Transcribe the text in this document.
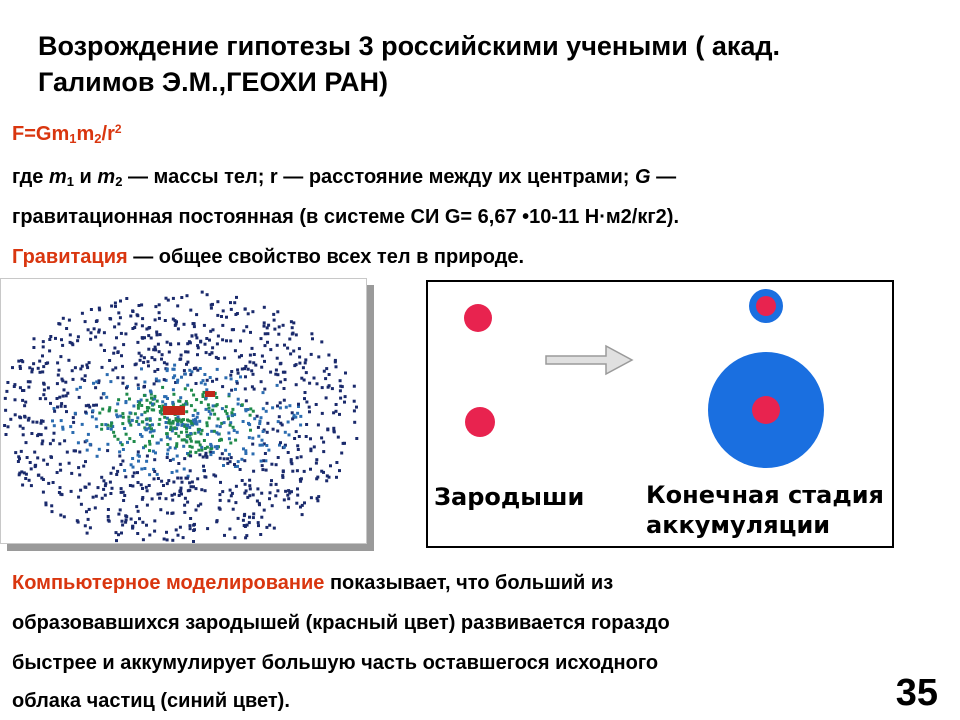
Возрождение гипотезы 3 российскими учеными ( акад.
Галимов Э.М.,ГЕОХИ РАН)
$F=Gm_1m_2/r^2$
где $m_1$ и $m_2$ — массы тел; r — расстояние между их центрами; G —
гравитационная постоянная (в системе СИ G= 6,67 •10-11 Н·м2/кг2).
Гравитация — общее свойство всех тел в природе.
Зародыши	Конечная стадия
аккумуляции
Компьютерное моделирование показывает, что больший из
образовавшихся зародышей (красный цвет) развивается гораздо
быстрее и аккумулирует большую часть оставшегося исходного
облака частиц (синий цвет).	35
